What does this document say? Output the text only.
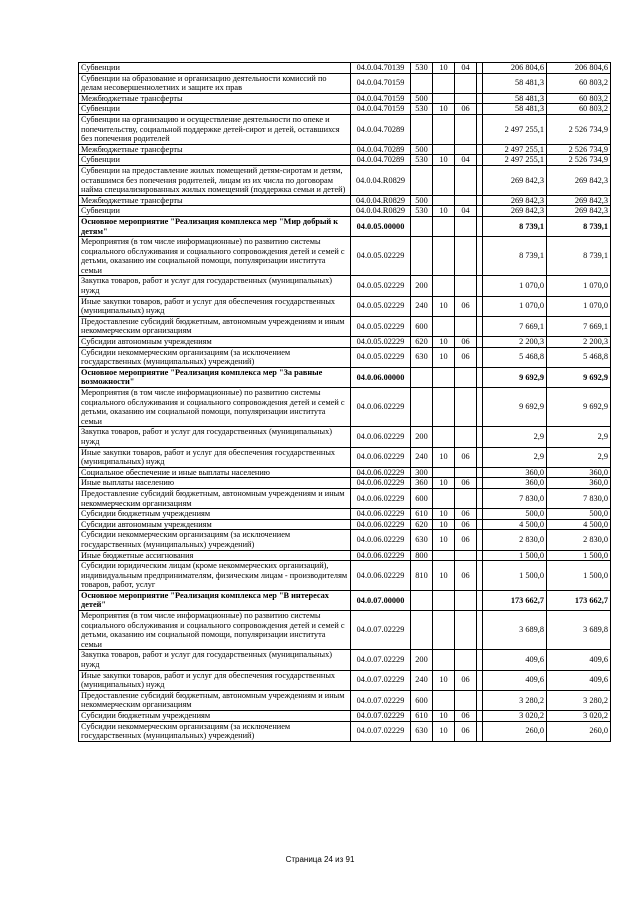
Субвенции	04.0.04.70139	530	10	04		206 804,6	206 804,6
Субвенции на образование и организацию деятельности комиссий по делам несовершеннолетних и защите их прав	04.0.04.70159					58 481,3	60 803,2
Межбюджетные трансферты	04.0.04.70159	500				58 481,3	60 803,2
Субвенции	04.0.04.70159	530	10	06		58 481,3	60 803,2
Субвенции на организацию и осуществление деятельности по опеке и попечительству, социальной поддержке детей-сирот и детей, оставшихся без попечения родителей	04.0.04.70289					2 497 255,1	2 526 734,9
Межбюджетные трансферты	04.0.04.70289	500				2 497 255,1	2 526 734,9
Субвенции	04.0.04.70289	530	10	04		2 497 255,1	2 526 734,9
Субвенции на предоставление жилых помещений детям-сиротам и детям, оставшимся без попечения родителей, лицам из их числа по договорам найма специализированных жилых помещений (поддержка семьи и детей)	04.0.04.R0829					269 842,3	269 842,3
Межбюджетные трансферты	04.0.04.R0829	500				269 842,3	269 842,3
Субвенции	04.0.04.R0829	530	10	04		269 842,3	269 842,3
Основное мероприятие "Реализация комплекса мер "Мир добрый к детям"	04.0.05.00000					8 739,1	8 739,1
Мероприятия (в том числе информационные) по развитию системы социального обслуживания и социального сопровождения детей и семей с детьми, оказанию им социальной помощи, популяризации института семьи	04.0.05.02229					8 739,1	8 739,1
Закупка товаров, работ и услуг для государственных (муниципальных) нужд	04.0.05.02229	200				1 070,0	1 070,0
Иные закупки товаров, работ и услуг для обеспечения государственных (муниципальных) нужд	04.0.05.02229	240	10	06		1 070,0	1 070,0
Предоставление субсидий бюджетным, автономным учреждениям и иным некоммерческим организациям	04.0.05.02229	600				7 669,1	7 669,1
Субсидии автономным учреждениям	04.0.05.02229	620	10	06		2 200,3	2 200,3
Субсидии некоммерческим организациям (за исключением государственных (муниципальных) учреждений)	04.0.05.02229	630	10	06		5 468,8	5 468,8
Основное мероприятие "Реализация комплекса мер "За равные возможности"	04.0.06.00000					9 692,9	9 692,9
Мероприятия (в том числе информационные) по развитию системы социального обслуживания и социального сопровождения детей и семей с детьми, оказанию им социальной помощи, популяризации института семьи	04.0.06.02229					9 692,9	9 692,9
Закупка товаров, работ и услуг для государственных (муниципальных) нужд	04.0.06.02229	200				2,9	2,9
Иные закупки товаров, работ и услуг для обеспечения государственных (муниципальных) нужд	04.0.06.02229	240	10	06		2,9	2,9
Социальное обеспечение и иные выплаты населению	04.0.06.02229	300				360,0	360,0
Иные выплаты населению	04.0.06.02229	360	10	06		360,0	360,0
Предоставление субсидий бюджетным, автономным учреждениям и иным некоммерческим организациям	04.0.06.02229	600				7 830,0	7 830,0
Субсидии бюджетным учреждениям	04.0.06.02229	610	10	06		500,0	500,0
Субсидии автономным учреждениям	04.0.06.02229	620	10	06		4 500,0	4 500,0
Субсидии некоммерческим организациям (за исключением государственных (муниципальных) учреждений)	04.0.06.02229	630	10	06		2 830,0	2 830,0
Иные бюджетные ассигнования	04.0.06.02229	800				1 500,0	1 500,0
Субсидии юридическим лицам (кроме некоммерческих организаций), индивидуальным предпринимателям, физическим лицам - производителям товаров, работ, услуг	04.0.06.02229	810	10	06		1 500,0	1 500,0
Основное мероприятие "Реализация комплекса мер "В интересах детей"	04.0.07.00000					173 662,7	173 662,7
Мероприятия (в том числе информационные) по развитию системы социального обслуживания и социального сопровождения детей и семей с детьми, оказанию им социальной помощи, популяризации института семьи	04.0.07.02229					3 689,8	3 689,8
Закупка товаров, работ и услуг для государственных (муниципальных) нужд	04.0.07.02229	200				409,6	409,6
Иные закупки товаров, работ и услуг для обеспечения государственных (муниципальных) нужд	04.0.07.02229	240	10	06		409,6	409,6
Предоставление субсидий бюджетным, автономным учреждениям и иным некоммерческим организациям	04.0.07.02229	600				3 280,2	3 280,2
Субсидии бюджетным учреждениям	04.0.07.02229	610	10	06		3 020,2	3 020,2
Субсидии некоммерческим организациям (за исключением государственных (муниципальных) учреждений)	04.0.07.02229	630	10	06		260,0	260,0
Страница 24 из 91
